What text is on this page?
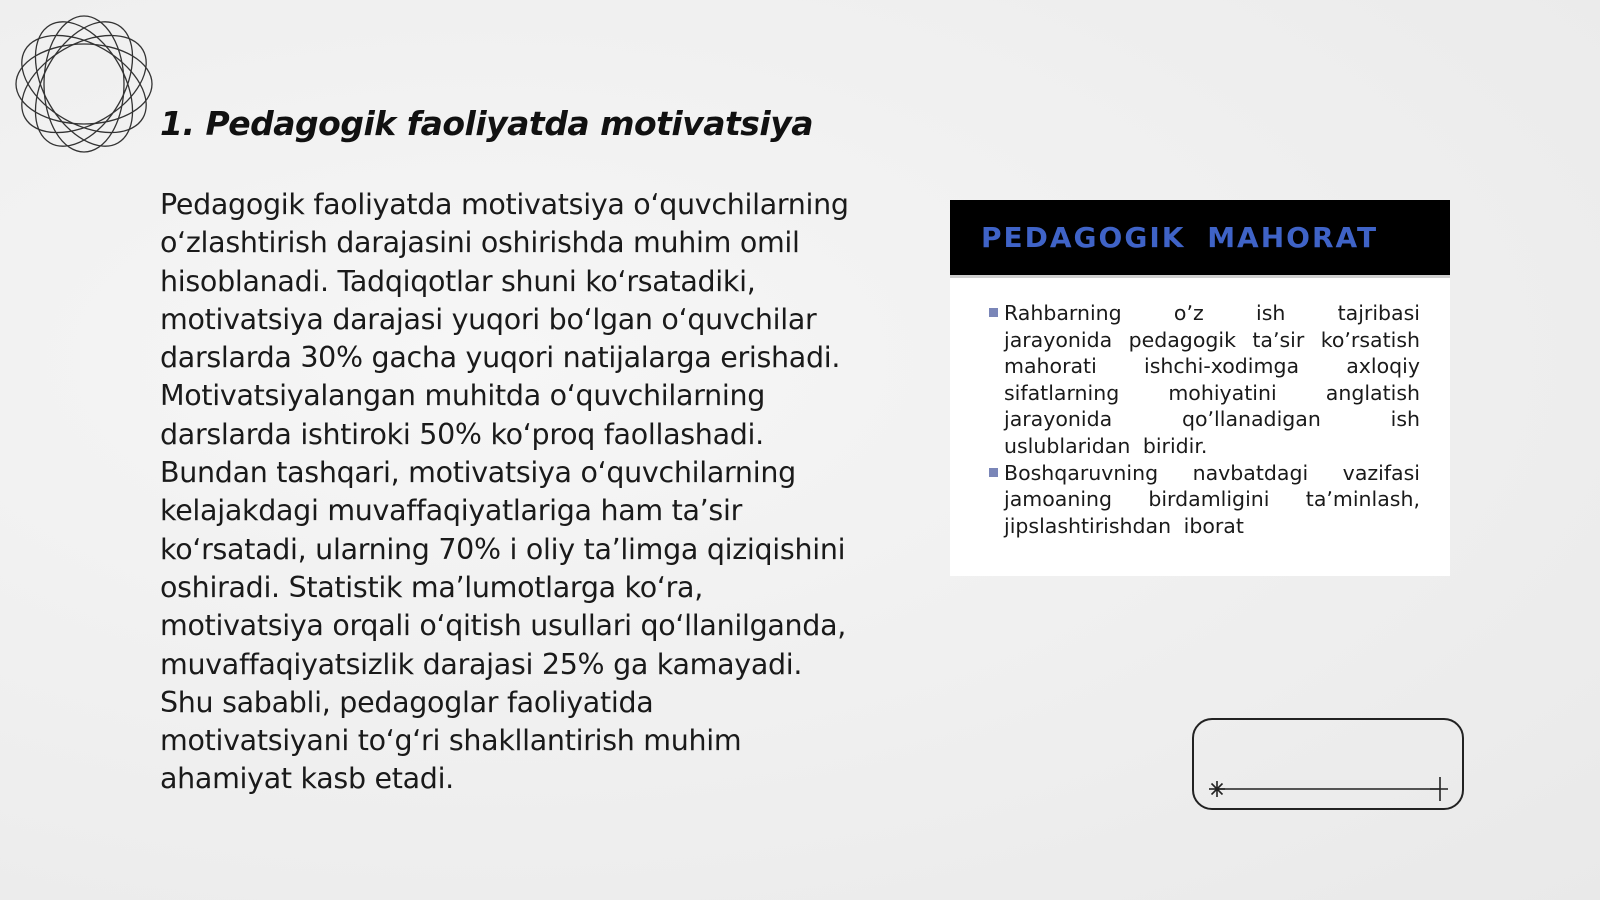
1. Pedagogik faoliyatda motivatsiya

Pedagogik faoliyatda motivatsiya oʻquvchilarning oʻzlashtirish darajasini oshirishda muhim omil hisoblanadi. Tadqiqotlar shuni koʻrsatadiki, motivatsiya darajasi yuqori boʻlgan oʻquvchilar darslarda 30% gacha yuqori natijalarga erishadi. Motivatsiyalangan muhitda oʻquvchilarning darslarda ishtiroki 50% koʻproq faollashadi. Bundan tashqari, motivatsiya oʻquvchilarning kelajakdagi muvaffaqiyatlariga ham taʼsir koʻrsatadi, ularning 70% i oliy taʼlimga qiziqishini oshiradi. Statistik maʼlumotlarga koʻra, motivatsiya orqali oʻqitish usullari qoʻllanilganda, muvaffaqiyatsizlik darajasi 25% ga kamayadi. Shu sababli, pedagoglar faoliyatida motivatsiyani toʻgʻri shakllantirish muhim ahamiyat kasb etadi.

PEDAGOGIK MAHORAT
Rahbarning oʼz ish tajribasi jarayonida pedagogik taʼsir koʼrsatish mahorati ishchi-xodimga axloqiy sifatlarning mohiyatini anglatish jarayonida qoʼllanadigan ish uslublaridan biridir.
Boshqaruvning navbatdagi vazifasi jamoaning birdamligini taʼminlash, jipslashtirishdan iborat
